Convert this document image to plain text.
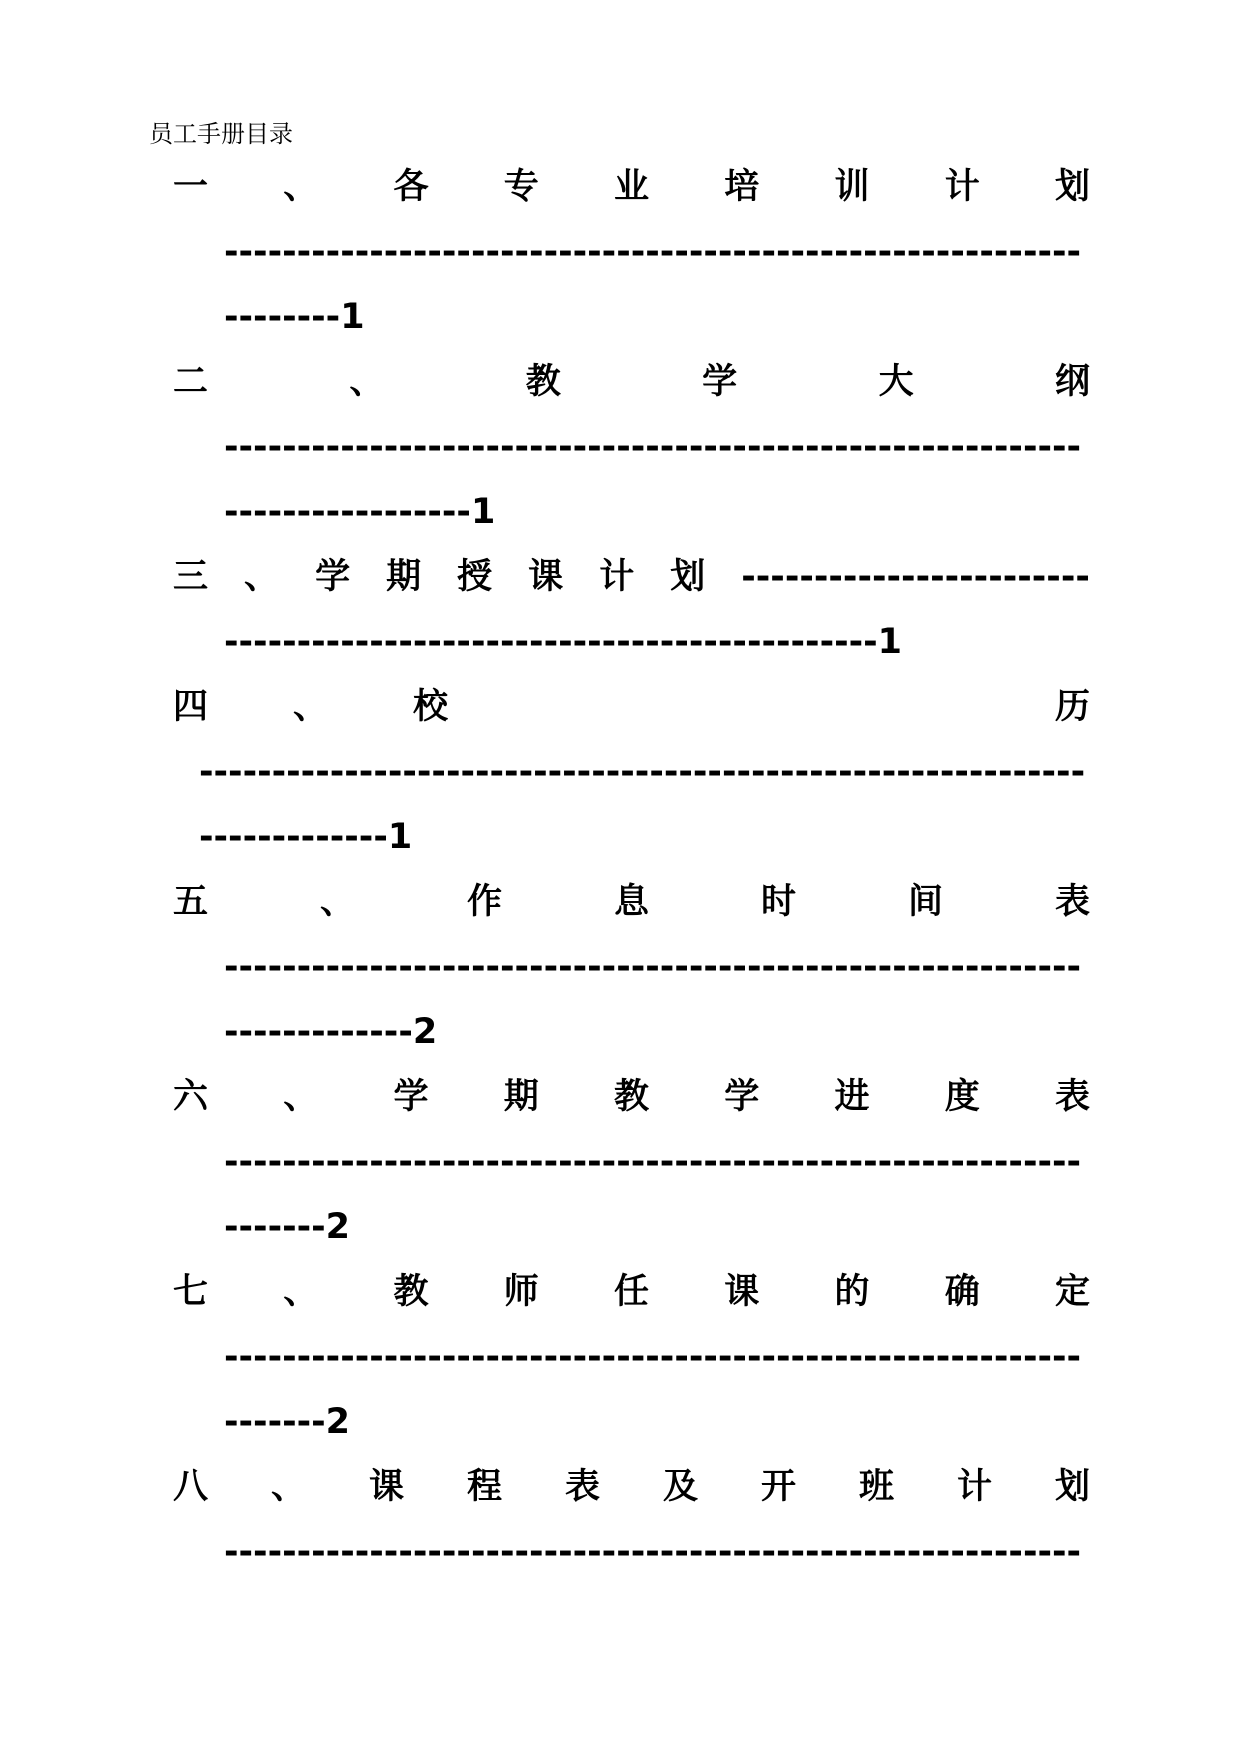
员工手册目录
一 、 各 专 业 培 训 计 划
-----------------------------------------------------------
--------1
二	、	教	学	大	纲
-----------------------------------------------------------
-----------------1
三 、 学 期 授 课 计 划 ------------------------
---------------------------------------------1
四 、 校	历
-------------------------------------------------------------
-------------1
五	、	作	息	时	间	表
-----------------------------------------------------------
-------------2
六 、 学 期 教 学 进 度 表
-----------------------------------------------------------
-------2
七 、 教 师 任 课 的 确 定
-----------------------------------------------------------
-------2
八 、 课 程 表 及 开 班 计 划
-----------------------------------------------------------
